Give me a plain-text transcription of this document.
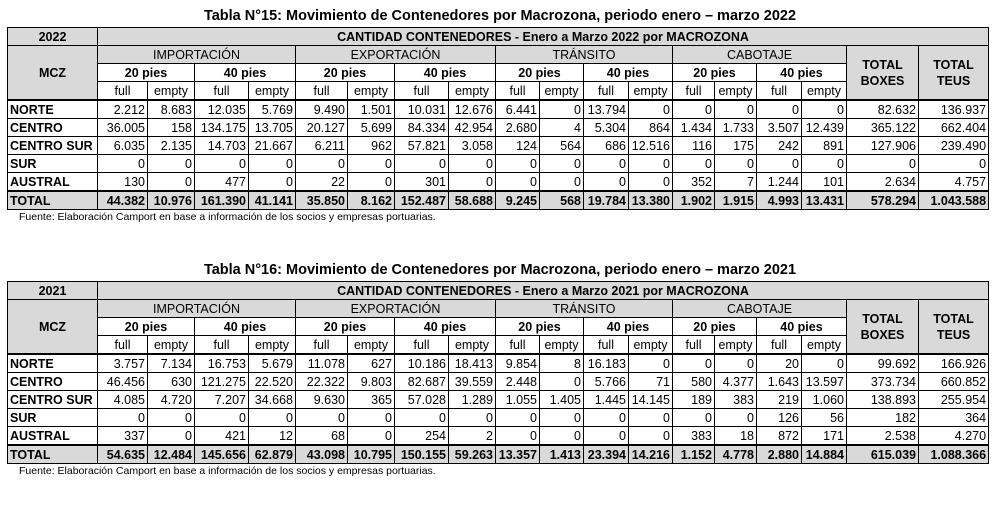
Tabla N°15: Movimiento de Contenedores por Macrozona, periodo enero – marzo 2022
2022	CANTIDAD CONTENEDORES - Enero a Marzo 2022 por MACROZONA																	
MCZ	IMPORTACIÓN				EXPORTACIÓN				TRÁNSITO				CABOTAJE				TOTAL BOXES	TOTAL TEUS
	20 pies		40 pies		20 pies		40 pies		20 pies		40 pies		20 pies		40 pies			
	full	empty	full	empty	full	empty	full	empty	full	empty	full	empty	full	empty	full	empty		
NORTE	2.212	8.683	12.035	5.769	9.490	1.501	10.031	12.676	6.441	0	13.794	0	0	0	0	0	82.632	136.937
CENTRO	36.005	158	134.175	13.705	20.127	5.699	84.334	42.954	2.680	4	5.304	864	1.434	1.733	3.507	12.439	365.122	662.404
CENTRO SUR	6.035	2.135	14.703	21.667	6.211	962	57.821	3.058	124	564	686	12.516	116	175	242	891	127.906	239.490
SUR	0	0	0	0	0	0	0	0	0	0	0	0	0	0	0	0	0	0
AUSTRAL	130	0	477	0	22	0	301	0	0	0	0	0	352	7	1.244	101	2.634	4.757
TOTAL	44.382	10.976	161.390	41.141	35.850	8.162	152.487	58.688	9.245	568	19.784	13.380	1.902	1.915	4.993	13.431	578.294	1.043.588
Fuente: Elaboración Camport en base a información de los socios y empresas portuarias.
Tabla N°16: Movimiento de Contenedores por Macrozona, periodo enero – marzo 2021
2021	CANTIDAD CONTENEDORES - Enero a Marzo 2021 por MACROZONA																	
MCZ	IMPORTACIÓN				EXPORTACIÓN				TRÁNSITO				CABOTAJE				TOTAL BOXES	TOTAL TEUS
	20 pies		40 pies		20 pies		40 pies		20 pies		40 pies		20 pies		40 pies			
	full	empty	full	empty	full	empty	full	empty	full	empty	full	empty	full	empty	full	empty		
NORTE	3.757	7.134	16.753	5.679	11.078	627	10.186	18.413	9.854	8	16.183	0	0	0	20	0	99.692	166.926
CENTRO	46.456	630	121.275	22.520	22.322	9.803	82.687	39.559	2.448	0	5.766	71	580	4.377	1.643	13.597	373.734	660.852
CENTRO SUR	4.085	4.720	7.207	34.668	9.630	365	57.028	1.289	1.055	1.405	1.445	14.145	189	383	219	1.060	138.893	255.954
SUR	0	0	0	0	0	0	0	0	0	0	0	0	0	0	126	56	182	364
AUSTRAL	337	0	421	12	68	0	254	2	0	0	0	0	383	18	872	171	2.538	4.270
TOTAL	54.635	12.484	145.656	62.879	43.098	10.795	150.155	59.263	13.357	1.413	23.394	14.216	1.152	4.778	2.880	14.884	615.039	1.088.366
Fuente: Elaboración Camport en base a información de los socios y empresas portuarias.
